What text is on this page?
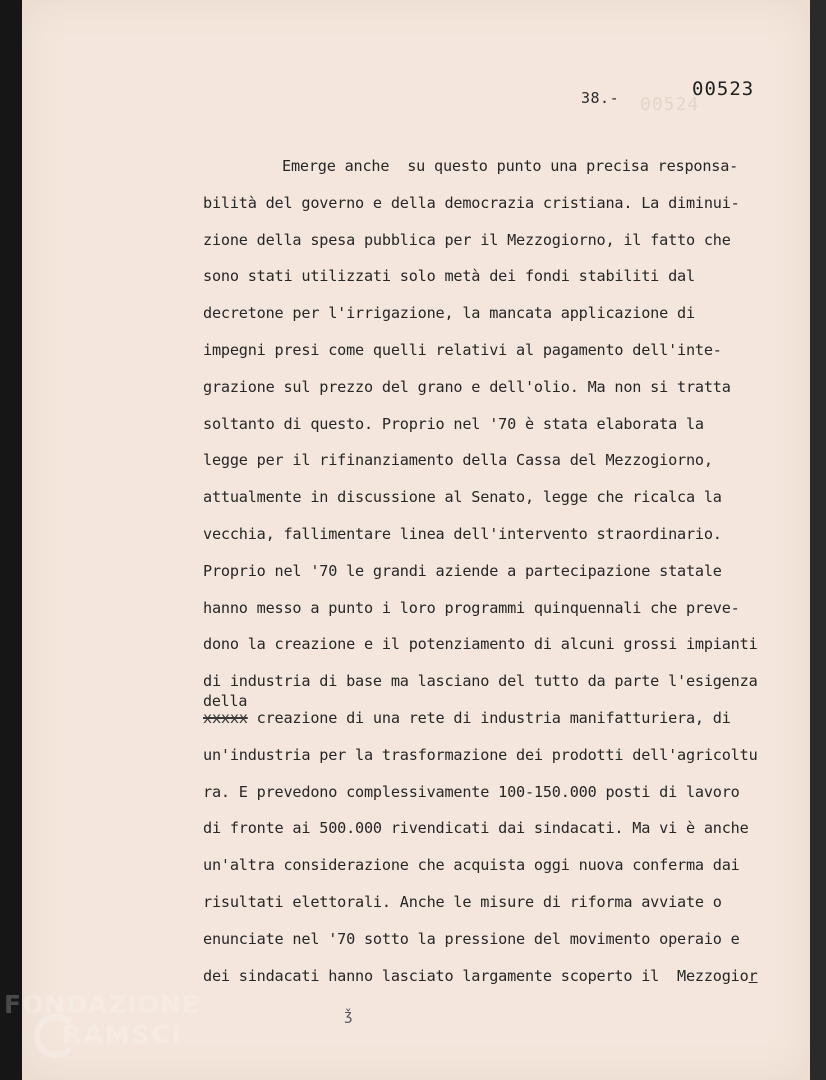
00524
38.-	00523
Emerge anche  su questo punto una precisa responsa-
bilità del governo e della democrazia cristiana. La diminui-
zione della spesa pubblica per il Mezzogiorno, il fatto che
sono stati utilizzati solo metà dei fondi stabiliti dal
decretone per l'irrigazione, la mancata applicazione di
impegni presi come quelli relativi al pagamento dell'inte-
grazione sul prezzo del grano e dell'olio. Ma non si tratta
soltanto di questo. Proprio nel '70 è stata elaborata la
legge per il rifinanziamento della Cassa del Mezzogiorno,
attualmente in discussione al Senato, legge che ricalca la
vecchia, fallimentare linea dell'intervento straordinario.
Proprio nel '70 le grandi aziende a partecipazione statale
hanno messo a punto i loro programmi quinquennali che preve-
dono la creazione e il potenziamento di alcuni grossi impianti
di industria di base ma lasciano del tutto da parte l'esigenza
della
xxxxx creazione di una rete di industria manifatturiera, di
un'industria per la trasformazione dei prodotti dell'agricoltu
ra. E prevedono complessivamente 100-150.000 posti di lavoro
di fronte ai 500.000 rivendicati dai sindacati. Ma vi è anche
un'altra considerazione che acquista oggi nuova conferma dai
risultati elettorali. Anche le misure di riforma avviate o
enunciate nel '70 sotto la pressione del movimento operaio e
dei sindacati hanno lasciato largamente scoperto il  Mezzogior
ǯ
FONDAZIONE
RAMSCI
